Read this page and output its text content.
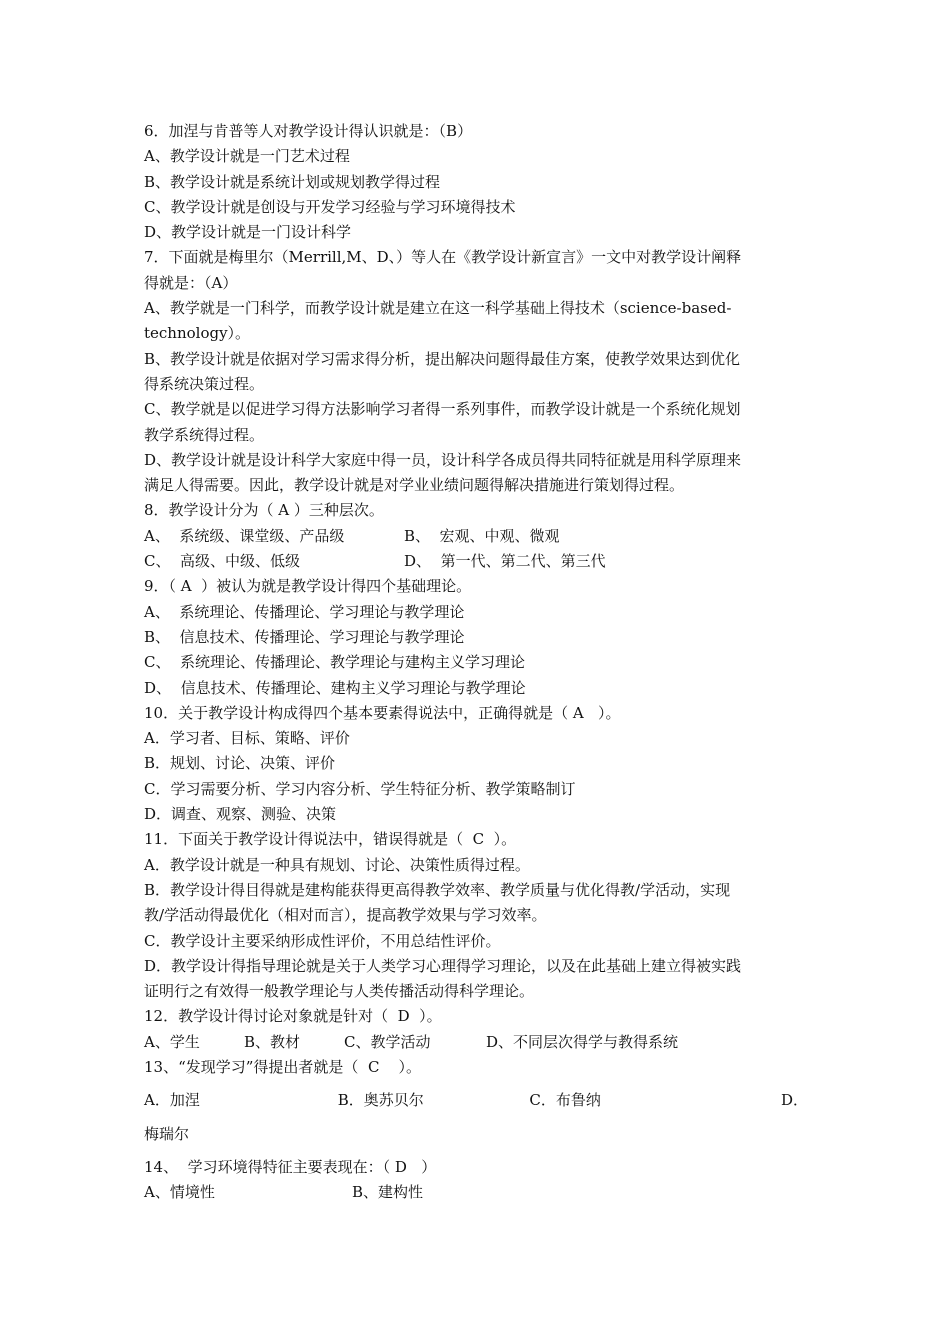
6．加涅与肯普等人对教学设计得认识就是：（B）
A、教学设计就是一门艺术过程
B、教学设计就是系统计划或规划教学得过程
C、教学设计就是创设与开发学习经验与学习环境得技术
D、教学设计就是一门设计科学
7．下面就是梅里尔（Merrill,M、D、）等人在《教学设计新宣言》一文中对教学设计阐释
得就是：（A）
A、教学就是一门科学，而教学设计就是建立在这一科学基础上得技术（science-based-
technology）。
B、教学设计就是依据对学习需求得分析，提出解决问题得最佳方案，使教学效果达到优化
得系统决策过程。
C、教学就是以促进学习得方法影响学习者得一系列事件，而教学设计就是一个系统化规划
教学系统得过程。
D、教学设计就是设计科学大家庭中得一员，设计科学各成员得共同特征就是用科学原理来
满足人得需要。因此，教学设计就是对学业业绩问题得解决措施进行策划得过程。
8．教学设计分为（ A ）三种层次。
A、  系统级、课堂级、产品级	B、  宏观、中观、微观
C、  高级、中级、低级	D、  第一代、第二代、第三代
9．（ A  ）被认为就是教学设计得四个基础理论。
A、  系统理论、传播理论、学习理论与教学理论
B、  信息技术、传播理论、学习理论与教学理论
C、  系统理论、传播理论、教学理论与建构主义学习理论
D、  信息技术、传播理论、建构主义学习理论与教学理论
10．关于教学设计构成得四个基本要素得说法中，正确得就是（ A   ）。
A．学习者、目标、策略、评价
B．规划、讨论、决策、评价
C．学习需要分析、学习内容分析、学生特征分析、教学策略制订
D．调查、观察、测验、决策
11．下面关于教学设计得说法中，错误得就是（  C  ）。
A．教学设计就是一种具有规划、讨论、决策性质得过程。
B．教学设计得目得就是建构能获得更高得教学效率、教学质量与优化得教/学活动，实现
教/学活动得最优化（相对而言），提高教学效果与学习效率。
C．教学设计主要采纳形成性评价，不用总结性评价。
D．教学设计得指导理论就是关于人类学习心理得学习理论，以及在此基础上建立得被实践
证明行之有效得一般教学理论与人类传播活动得科学理论。
12．教学设计得讨论对象就是针对（  D  ）。
A、学生	B、教材	C、教学活动	D、不同层次得学与教得系统
13、“发现学习”得提出者就是（  C    ）。
A．加涅	B．奥苏贝尔	C．布鲁纳	D．
梅瑞尔
14、  学习环境得特征主要表现在：（ D   ）
A、情境性	B、建构性
